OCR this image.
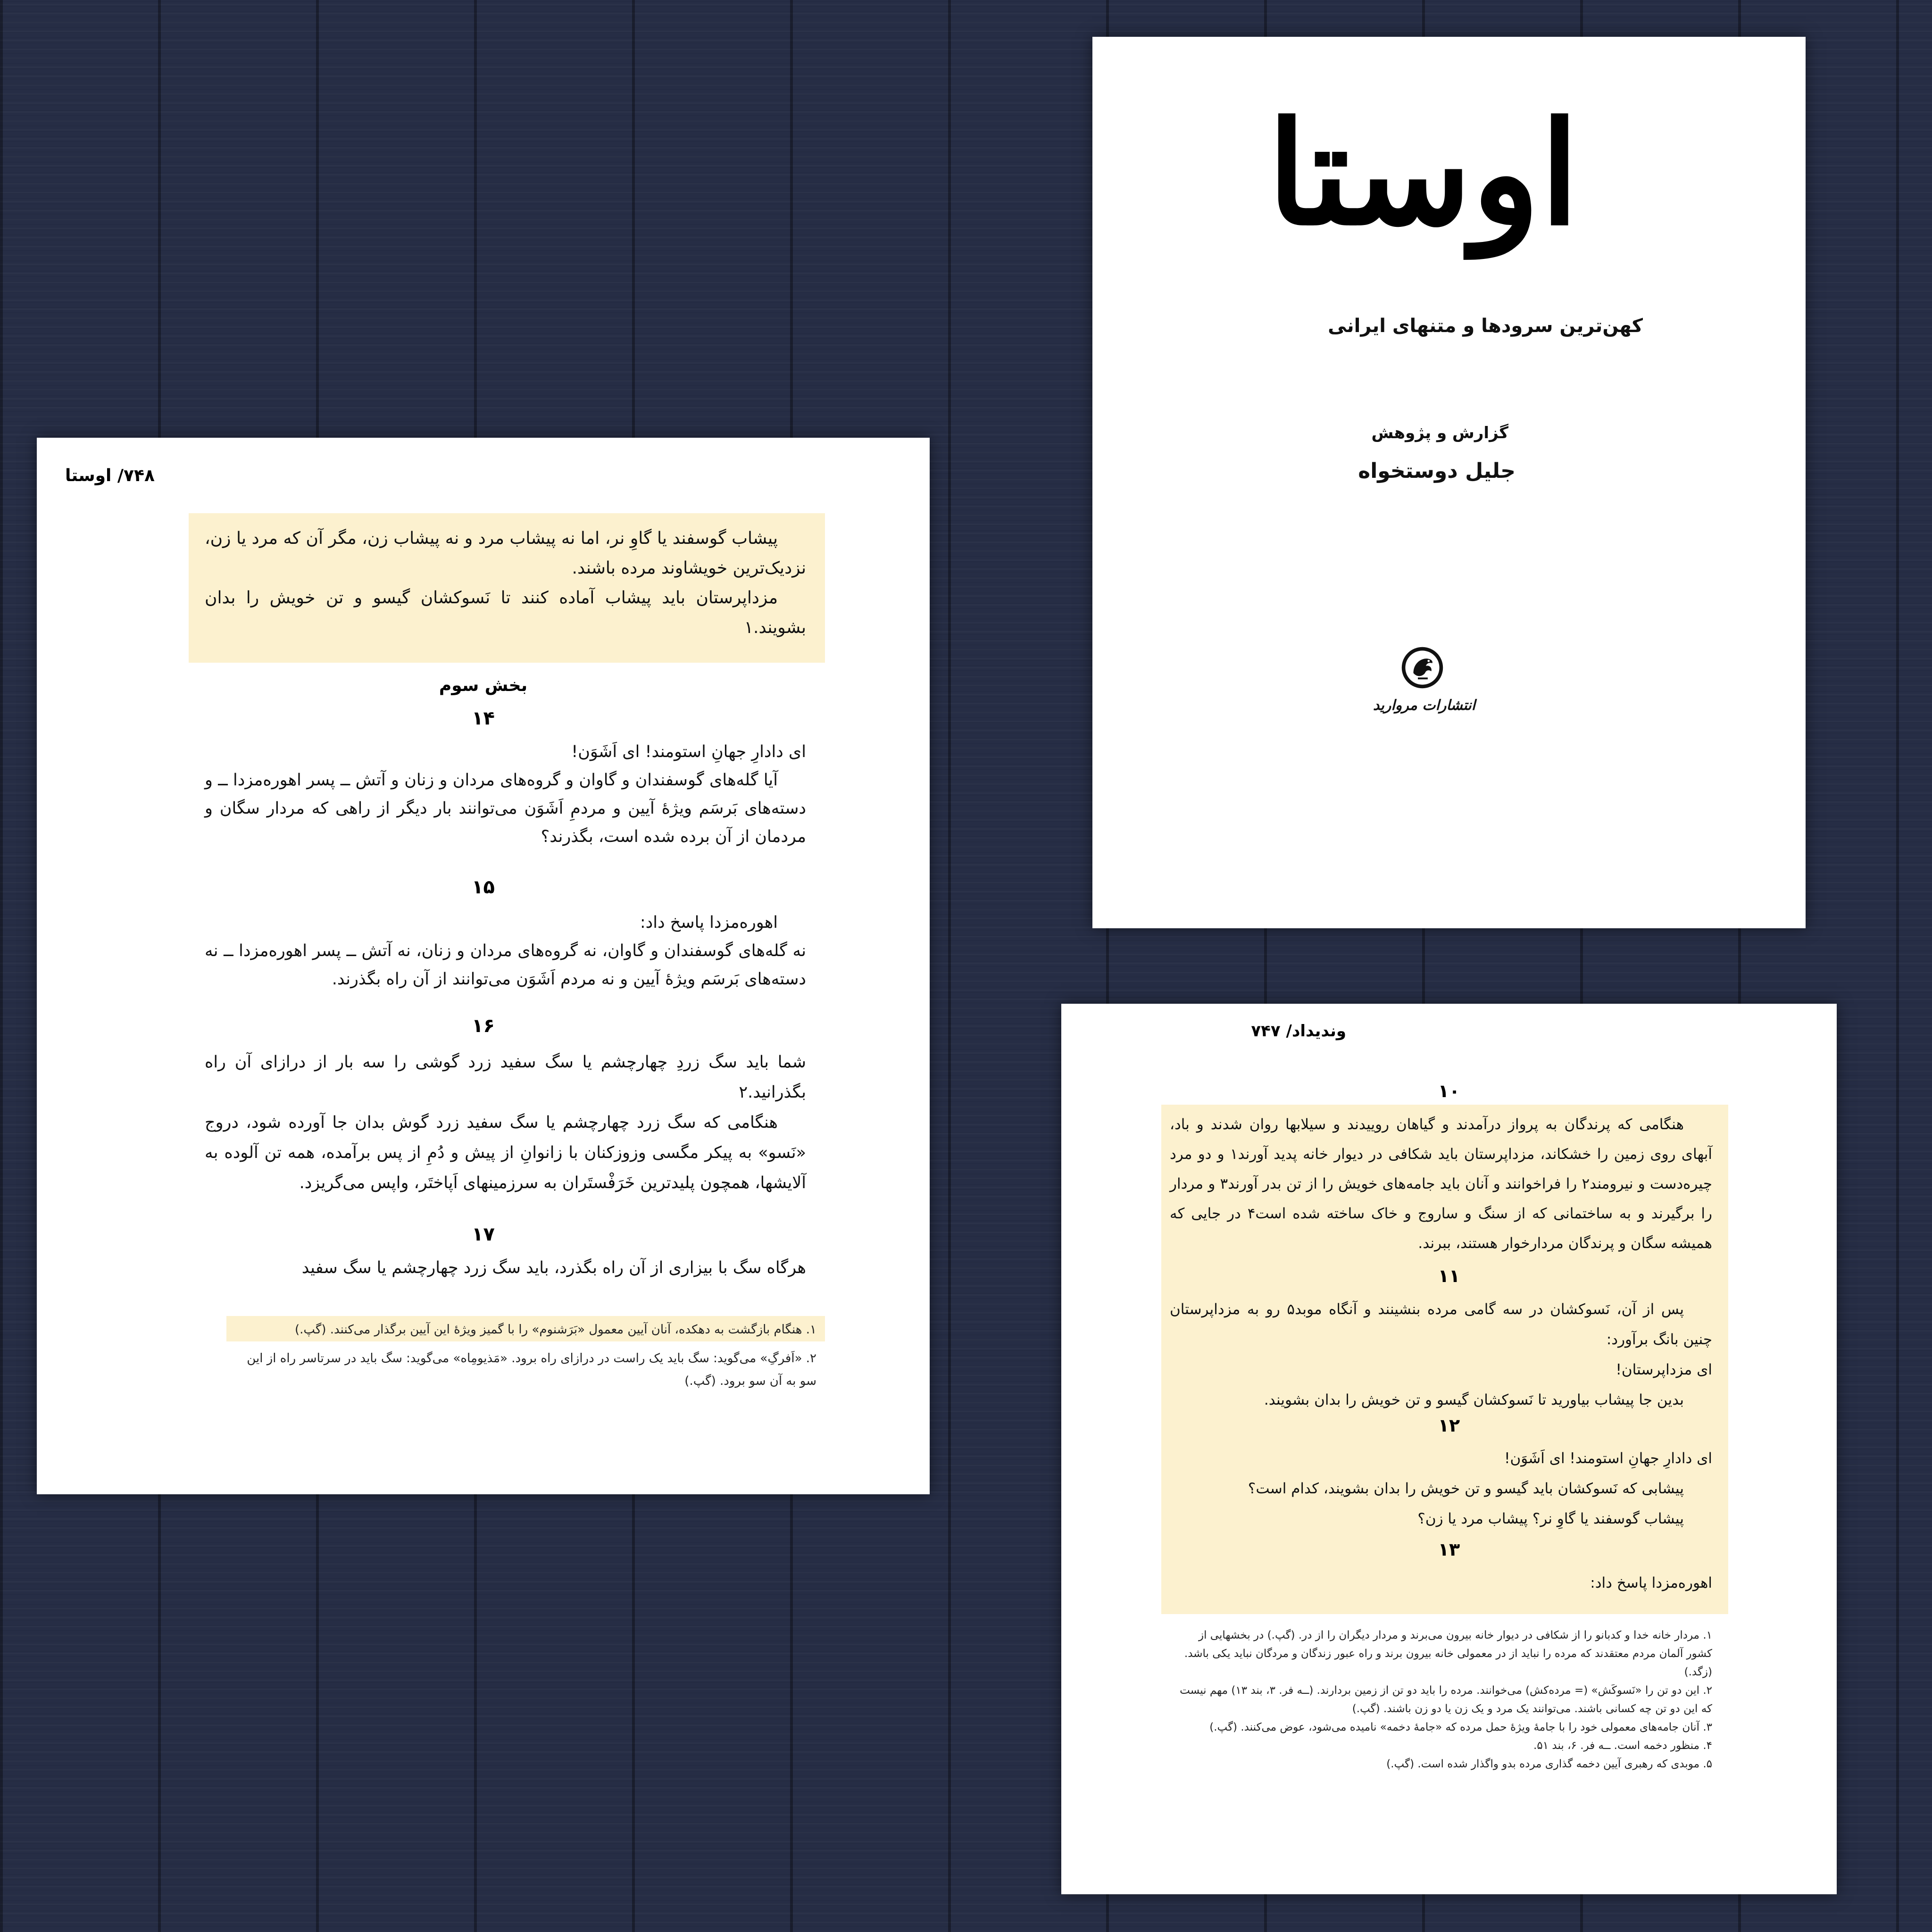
اوستا
کهن‌ترین سرودها و متنهای ایرانی
گزارش و پژوهش
جلیل دوستخواه
انتشارات مروارید
۷۴۸/ اوستا

پیشاب گوسفند یا گاوِ نر، اما نه پیشاب مرد و نه پیشاب زن، مگر آن که مرد یا زن، نزدیک‌ترین خویشاوند مرده باشند.

مزداپرستان باید پیشاب آماده کنند تا نَسوکشان گیسو و تن خویش را بدان بشویند.۱

بخش سوم
۱۴

ای دادارِ جهانِ استومند! ای اَشَوَن!

آیا گله‌های گوسفندان و گاوان و گروه‌های مردان و زنان و آتش ــ پسر اهوره‌مزدا ــ و دسته‌های بَرسَم ویژهٔ آیین و مردمِ اَشَوَن می‌توانند بار دیگر از راهی که مردار سگان و مردمان از آن برده شده است، بگذرند؟

۱۵

اهوره‌مزدا پاسخ داد:

نه گله‌های گوسفندان و گاوان، نه گروه‌های مردان و زنان، نه آتش ــ پسر اهوره‌مزدا ــ نه دسته‌های بَرسَم ویژهٔ آیین و نه مردم اَشَوَن می‌توانند از آن راه بگذرند.

۱۶

شما باید سگ زردِ چهارچشم یا سگ سفید زرد گوشی را سه بار از درازای آن راه بگذرانید.۲

هنگامی که سگ زرد چهارچشم یا سگ سفید زرد گوش بدان جا آورده شود، دروج «نَسو» به پیکر مگسی وزوزکنان با زانوانِ از پیش و دُمِ از پس برآمده، همه تن آلوده به آلایشها، همچون پلیدترین خَرَفْستَران به سرزمینهای اَپاختَر، واپس می‌گریزد.

۱۷

هرگاه سگ با بیزاری از آن راه بگذرد، باید سگ زرد چهارچشم یا سگ سفید

۱. هنگام بازگشت به دهکده، آنان آیین معمول «بَرَشنوم» را با گمیز ویژهٔ این آیین برگذار می‌کنند. (گپ.)

۲. «اَفرگِ» می‌گوید: سگ باید یک راست در درازای راه برود. «مَذیومِاه» می‌گوید: سگ باید در سرتاسر راه از این سو به آن سو برود. (گپ.)

وندیداد/ ۷۴۷
۱۰

هنگامی که پرندگان به پرواز درآمدند و گیاهان روییدند و سیلابها روان شدند و باد، آبهای روی زمین را خشکاند، مزداپرستان باید شکافی در دیوار خانه پدید آورند۱ و دو مرد چیره‌دست و نیرومند۲ را فراخوانند و آنان باید جامه‌های خویش را از تن بدر آورند۳ و مردار را برگیرند و به ساختمانی که از سنگ و ساروج و خاک ساخته شده است۴ در جایی که همیشه سگان و پرندگان مردارخوار هستند، ببرند.

۱۱

پس از آن، نَسوکشان در سه گامی مرده بنشینند و آنگاه موبد۵ رو به مزداپرستان چنین بانگ برآورد:

ای مزداپرستان!

بدین جا پیشاب بیاورید تا نَسوکشان گیسو و تن خویش را بدان بشویند.

۱۲

ای دادارِ جهانِ استومند! ای اَشَوَن!

پیشابی که نَسوکشان باید گیسو و تن خویش را بدان بشویند، کدام است؟

پیشاب گوسفند یا گاوِ نر؟ پیشاب مرد یا زن؟

۱۳

اهوره‌مزدا پاسخ داد:

۱. مردار خانه خدا و کدبانو را از شکافی در دیوار خانه بیرون می‌برند و مردار دیگران را از در. (گپ.) در بخشهایی از کشور آلمان مردم معتقدند که مرده را نباید از در معمولی خانه بیرون برند و راه عبور زندگان و مردگان نباید یکی باشد. (زگد.)

۲. این دو تن را «نَسوکَش» (= مرده‌کش) می‌خوانند. مرده را باید دو تن از زمین بردارند. (ــه فر. ۳، بند ۱۳) مهم نیست که این دو تن چه کسانی باشند. می‌توانند یک مرد و یک زن یا دو زن باشند. (گپ.)

۳. آنان جامه‌های معمولی خود را با جامهٔ ویژهٔ حمل مرده که «جامهٔ دخمه» نامیده می‌شود، عوض می‌کنند. (گپ.)

۴. منظور دخمه است. ــه فر. ۶، بند ۵۱.

۵. موبدی که رهبری آیین دخمه گذاری مرده بدو واگذار شده است. (گپ.)
